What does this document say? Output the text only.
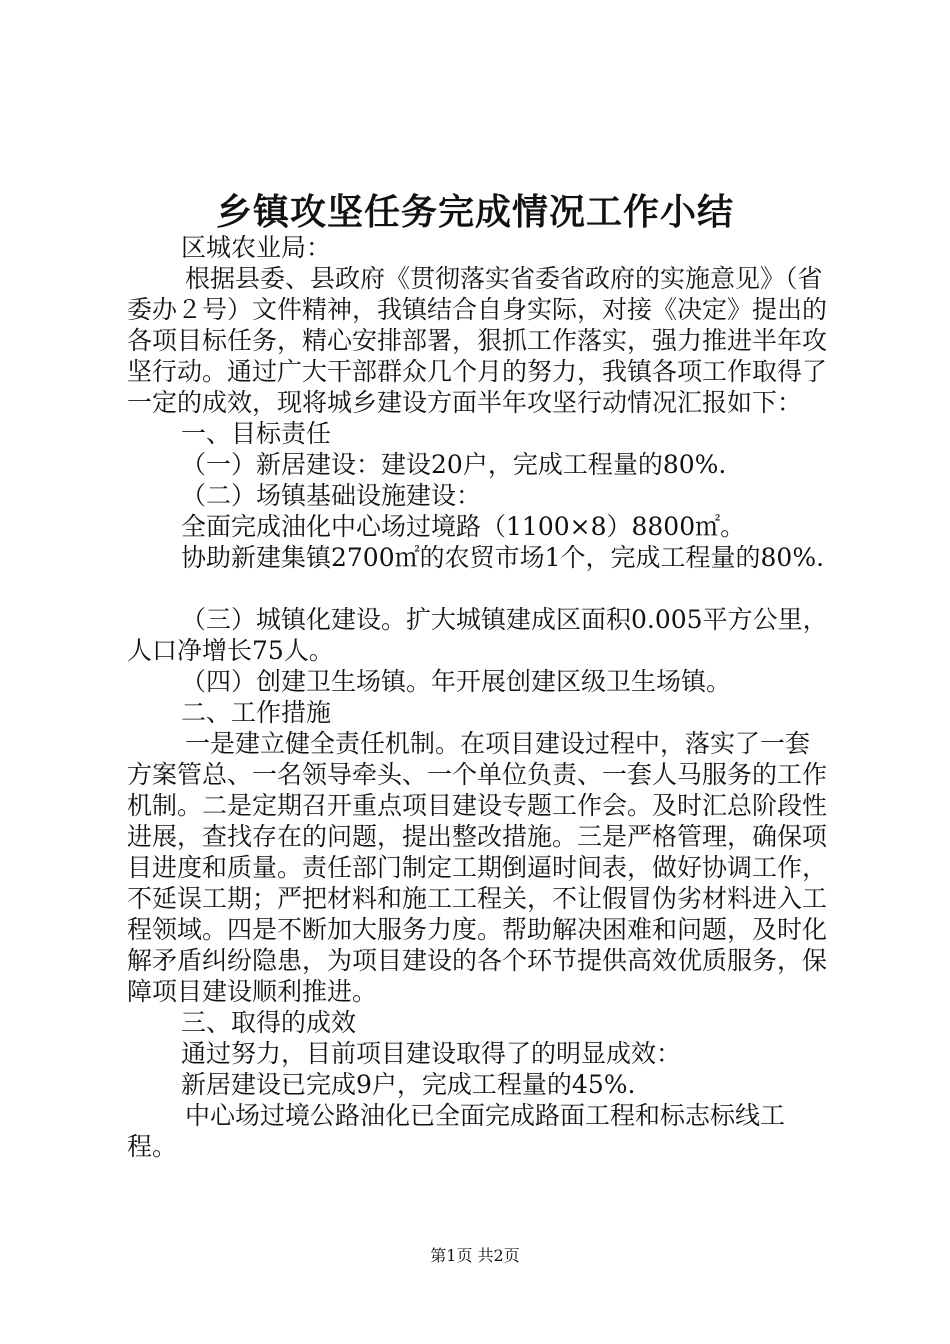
乡镇攻坚任务完成情况工作小结

区城农业局：

根据县委、县政府《贯彻落实省委省政府的实施意见》（省委办２号）文件精神，我镇结合自身实际，对接《决定》提出的各项目标任务，精心安排部署，狠抓工作落实，强力推进半年攻坚行动。通过广大干部群众几个月的努力，我镇各项工作取得了一定的成效，现将城乡建设方面半年攻坚行动情况汇报如下：

一、目标责任

（一）新居建设：建设20户，完成工程量的80%.

（二）场镇基础设施建设：

全面完成油化中心场过境路（1100×8）8800㎡。

协助新建集镇2700㎡的农贸市场1个，完成工程量的80%.

（三）城镇化建设。扩大城镇建成区面积0.005平方公里，人口净增长75人。

（四）创建卫生场镇。年开展创建区级卫生场镇。

二、工作措施

一是建立健全责任机制。在项目建设过程中，落实了一套方案管总、一名领导牵头、一个单位负责、一套人马服务的工作机制。二是定期召开重点项目建设专题工作会。及时汇总阶段性进展，查找存在的问题，提出整改措施。三是严格管理，确保项目进度和质量。责任部门制定工期倒逼时间表，做好协调工作，不延误工期；严把材料和施工工程关，不让假冒伪劣材料进入工程领域。四是不断加大服务力度。帮助解决困难和问题，及时化解矛盾纠纷隐患，为项目建设的各个环节提供高效优质服务，保障项目建设顺利推进。

三、取得的成效

通过努力，目前项目建设取得了的明显成效：

新居建设已完成9户，完成工程量的45%.

中心场过境公路油化已全面完成路面工程和标志标线工程。

第1页 共2页
